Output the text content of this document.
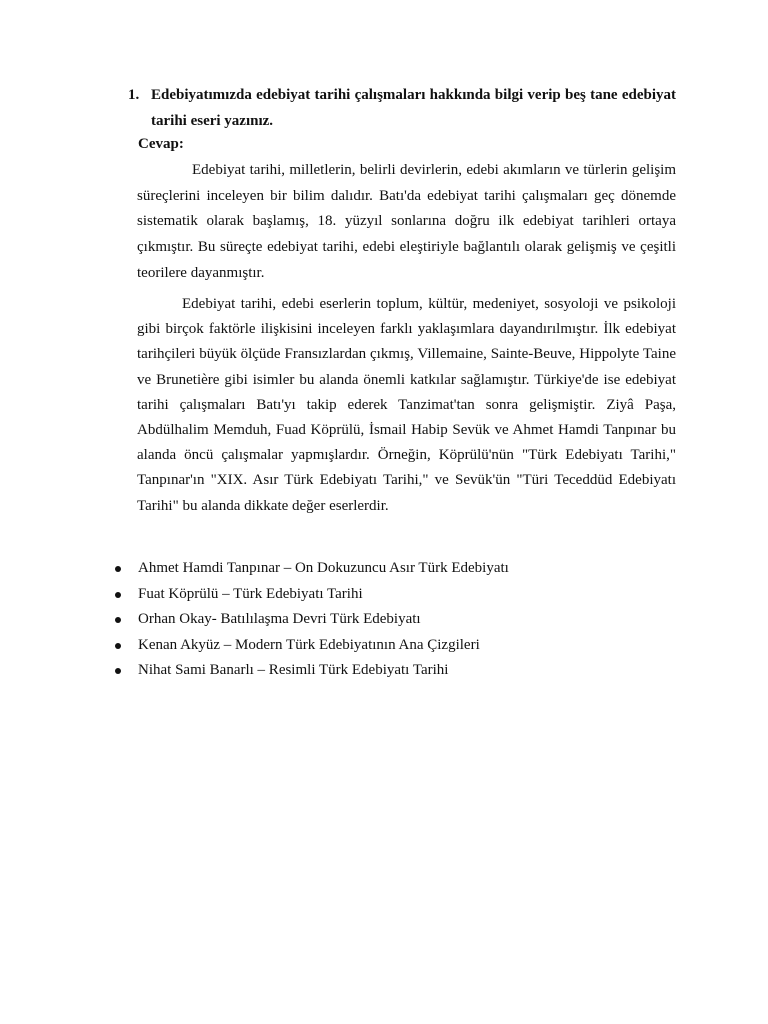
1. Edebiyatımızda edebiyat tarihi çalışmaları hakkında bilgi verip beş tane edebiyat tarihi eseri yazınız.
Cevap:

Edebiyat tarihi, milletlerin, belirli devirlerin, edebi akımların ve türlerin gelişim süreçlerini inceleyen bir bilim dalıdır. Batı'da edebiyat tarihi çalışmaları geç dönemde sistematik olarak başlamış, 18. yüzyıl sonlarına doğru ilk edebiyat tarihleri ortaya çıkmıştır. Bu süreçte edebiyat tarihi, edebi eleştiriyle bağlantılı olarak gelişmiş ve çeşitli teorilere dayanmıştır.

Edebiyat tarihi, edebi eserlerin toplum, kültür, medeniyet, sosyoloji ve psikoloji gibi birçok faktörle ilişkisini inceleyen farklı yaklaşımlara dayandırılmıştır. İlk edebiyat tarihçileri büyük ölçüde Fransızlardan çıkmış, Villemaine, Sainte-Beuve, Hippolyte Taine ve Brunetière gibi isimler bu alanda önemli katkılar sağlamıştır. Türkiye'de ise edebiyat tarihi çalışmaları Batı'yı takip ederek Tanzimat'tan sonra gelişmiştir. Ziyâ Paşa, Abdülhalim Memduh, Fuad Köprülü, İsmail Habip Sevük ve Ahmet Hamdi Tanpınar bu alanda öncü çalışmalar yapmışlardır. Örneğin, Köprülü'nün "Türk Edebiyatı Tarihi," Tanpınar'ın "XIX. Asır Türk Edebiyatı Tarihi," ve Sevük'ün "Türi Teceddüd Edebiyatı Tarihi" bu alanda dikkate değer eserlerdir.

Ahmet Hamdi Tanpınar – On Dokuzuncu Asır Türk Edebiyatı
Fuat Köprülü – Türk Edebiyatı Tarihi
Orhan Okay- Batılılaşma Devri Türk Edebiyatı
Kenan Akyüz – Modern Türk Edebiyatının Ana Çizgileri
Nihat Sami Banarlı – Resimli Türk Edebiyatı Tarihi
